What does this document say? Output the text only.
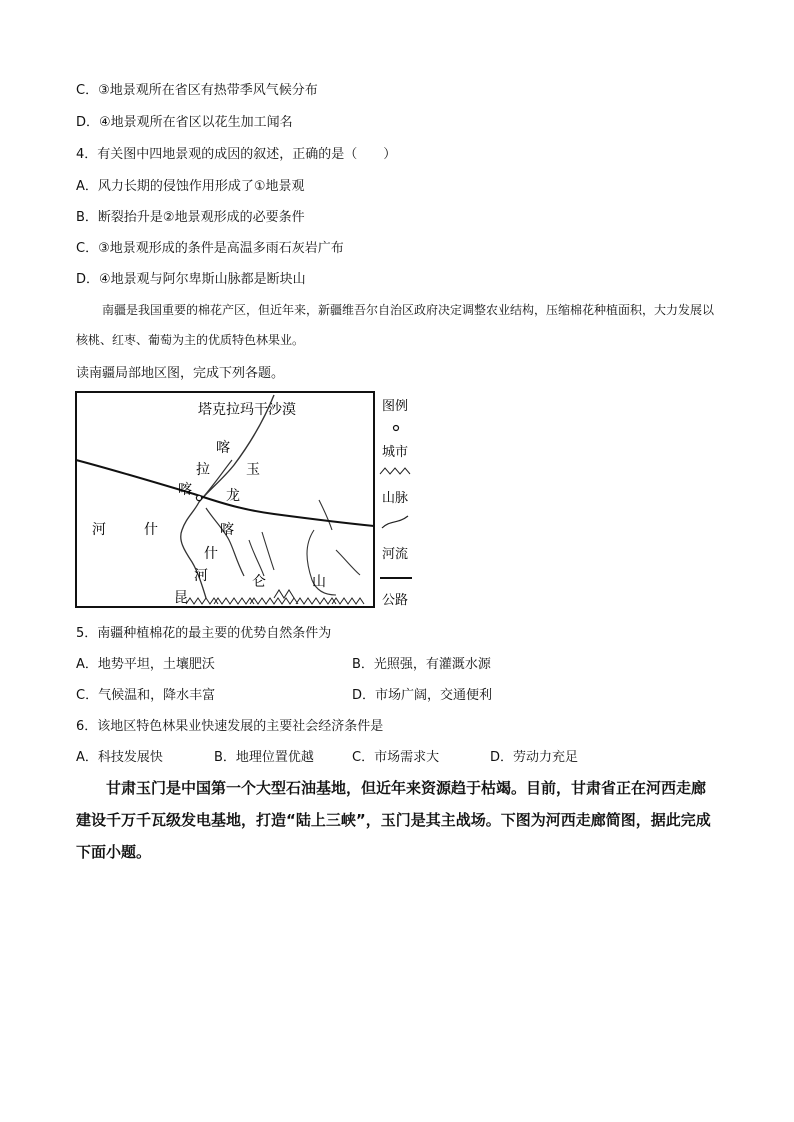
C．③地景观所在省区有热带季风气候分布
D．④地景观所在省区以花生加工闻名
4．有关图中四地景观的成因的叙述，正确的是（　　）
A．风力长期的侵蚀作用形成了①地景观
B．断裂抬升是②地景观形成的必要条件
C．③地景观形成的条件是高温多雨石灰岩广布
D．④地景观与阿尔卑斯山脉都是断块山
南疆是我国重要的棉花产区，但近年来，新疆维吾尔自治区政府决定调整农业结构，压缩棉花种植面积，大力发展以核桃、红枣、葡萄为主的优质特色林果业。
读南疆局部地区图，完成下列各题。
塔克拉玛干沙漠
喀
拉
喀
玉
龙
河	什	喀
什
河
昆
仑	山
图例
城市
山脉
河流
公路
5．南疆种植棉花的最主要的优势自然条件为
A．地势平坦，土壤肥沃	B．光照强，有灌溉水源
C．气候温和，降水丰富	D．市场广阔，交通便利
6．该地区特色林果业快速发展的主要社会经济条件是
A．科技发展快	B．地理位置优越	C．市场需求大	D．劳动力充足
甘肃玉门是中国第一个大型石油基地，但近年来资源趋于枯竭。目前，甘肃省正在河西走廊建设千万千瓦级发电基地，打造“陆上三峡”，玉门是其主战场。下图为河西走廊简图，据此完成下面小题。
